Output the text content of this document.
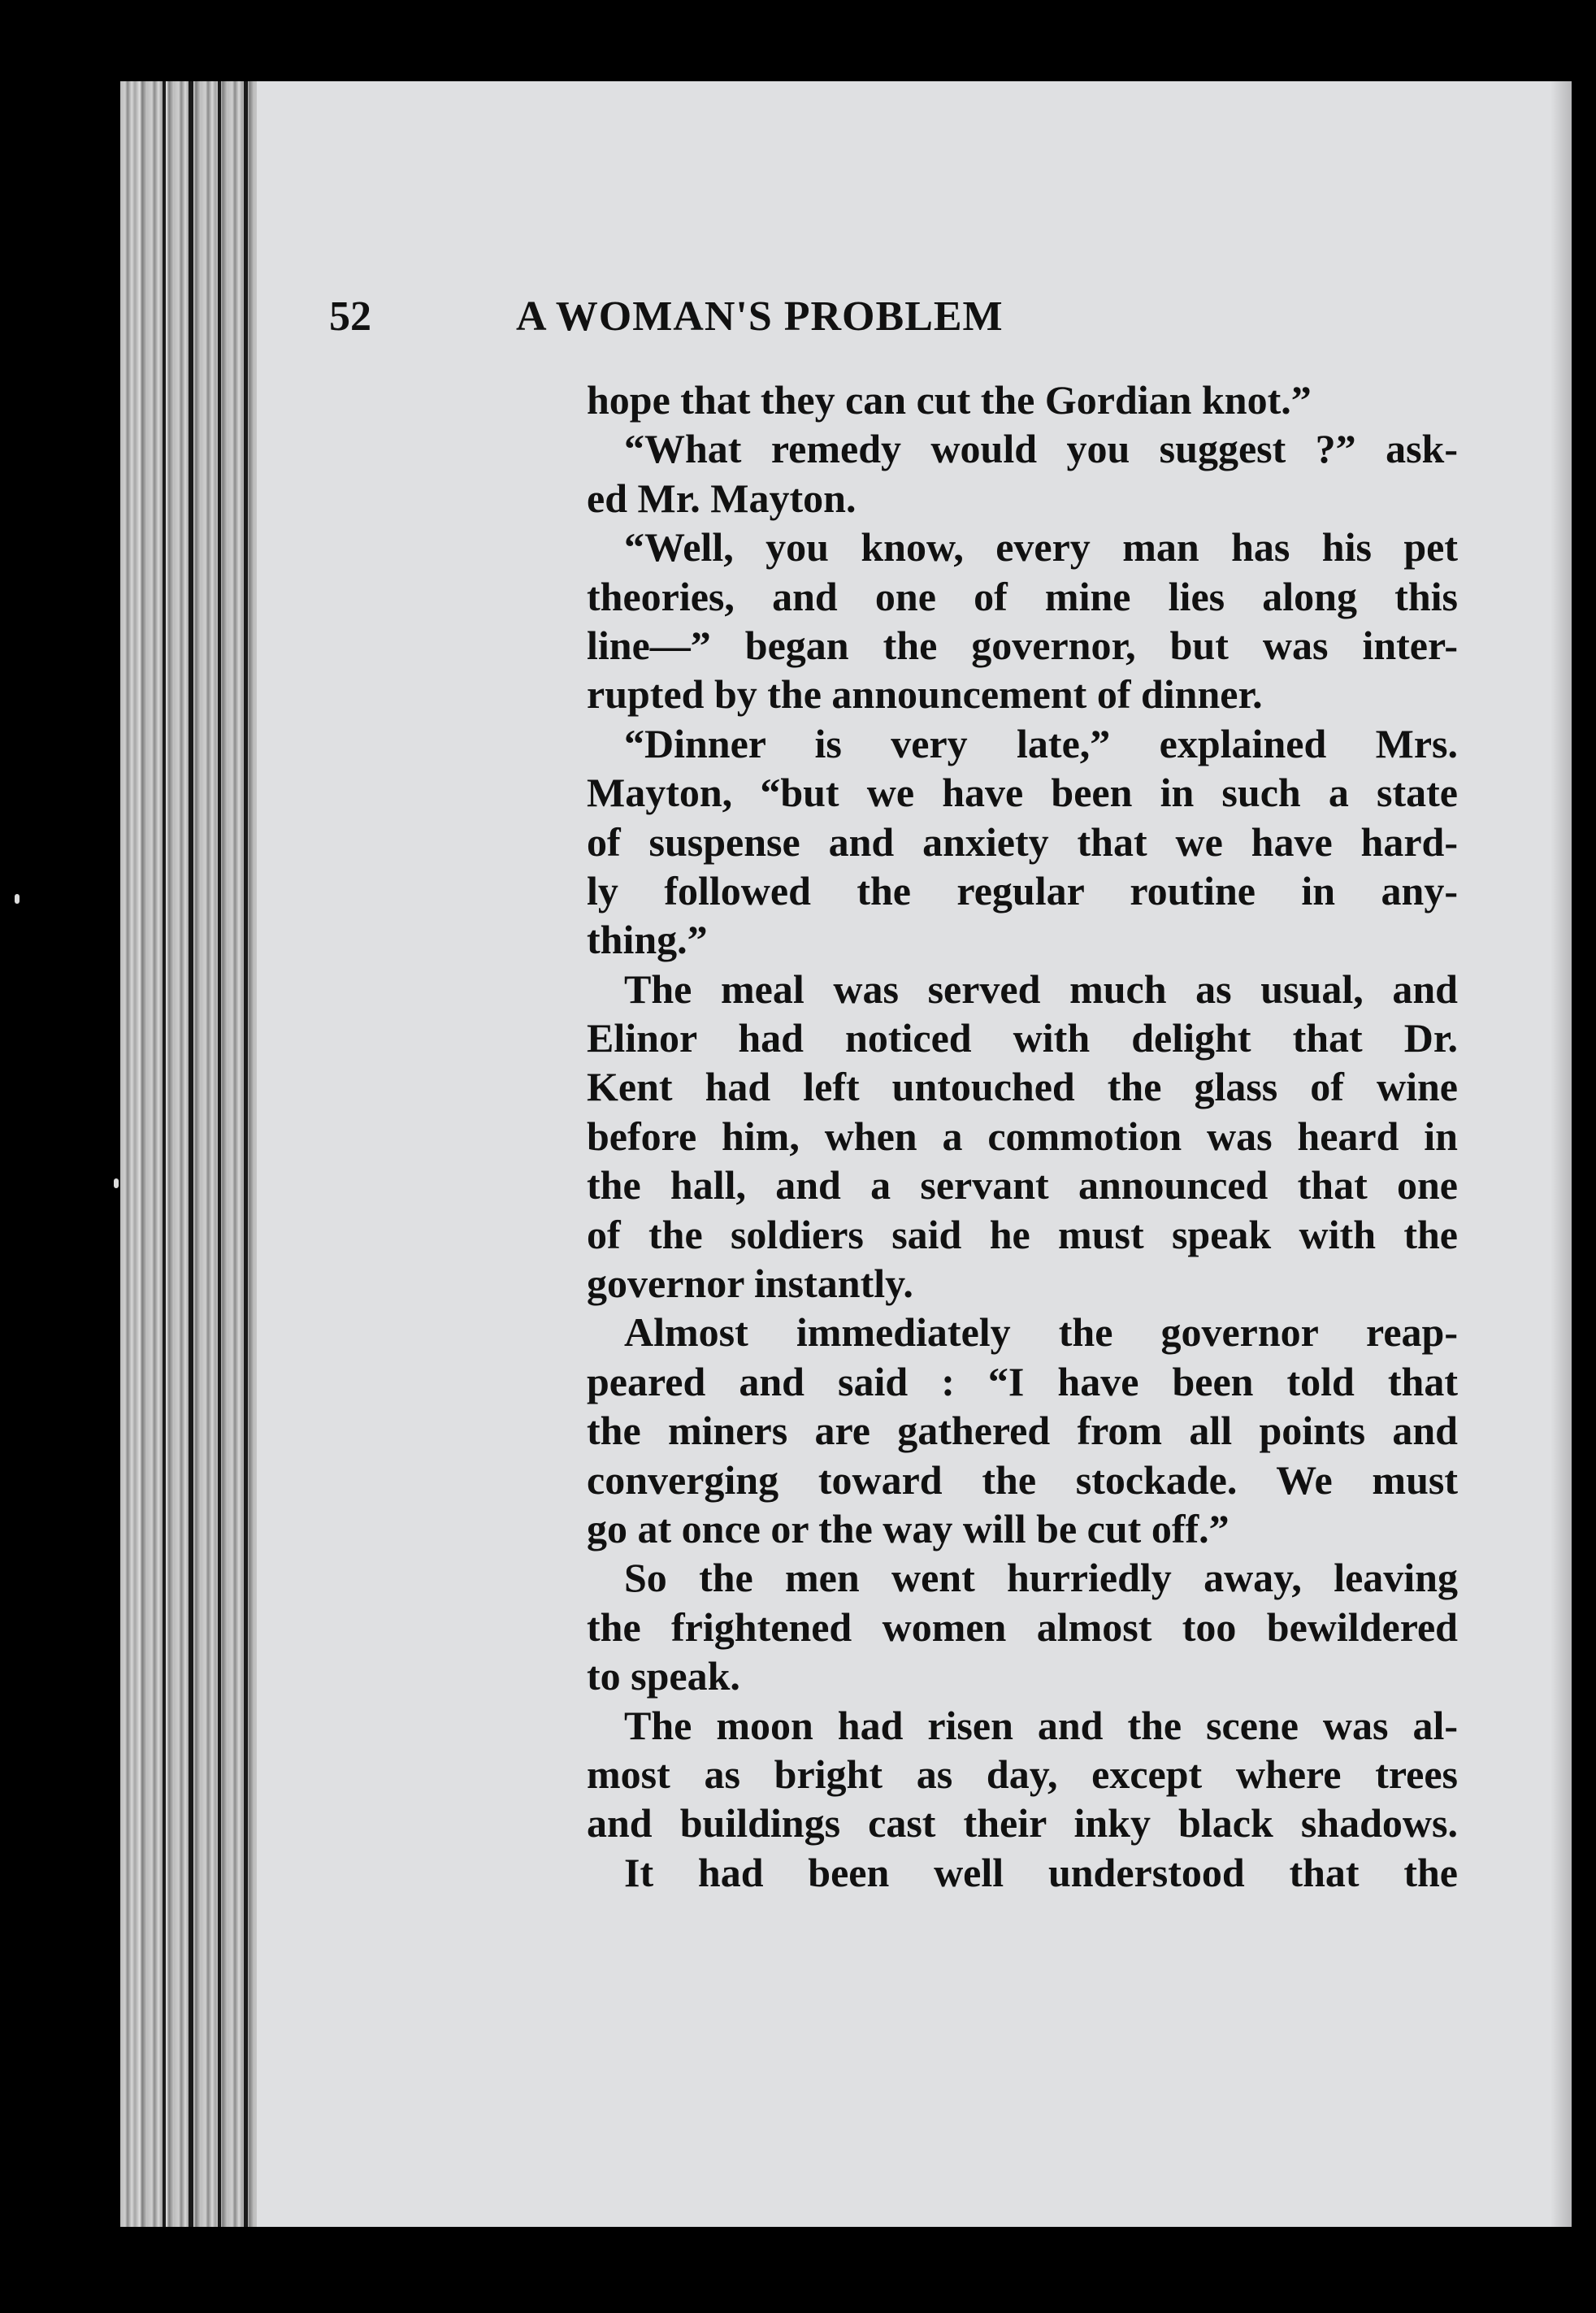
52	A WOMAN'S PROBLEM
hope that they can cut the Gordian knot.”
“What remedy would you suggest ?” ask-
ed Mr. Mayton.
“Well, you know, every man has his pet
theories, and one of mine lies along this
line—” began the governor, but was inter-
rupted by the announcement of dinner.
“Dinner is very late,” explained Mrs.
Mayton, “but we have been in such a state
of suspense and anxiety that we have hard-
ly followed the regular routine in any-
thing.”
The meal was served much as usual, and
Elinor had noticed with delight that Dr.
Kent had left untouched the glass of wine
before him, when a commotion was heard in
the hall, and a servant announced that one
of the soldiers said he must speak with the
governor instantly.
Almost immediately the governor reap-
peared and said : “I have been told that
the miners are gathered from all points and
converging toward the stockade. We must
go at once or the way will be cut off.”
So the men went hurriedly away, leaving
the frightened women almost too bewildered
to speak.
The moon had risen and the scene was al-
most as bright as day, except where trees
and buildings cast their inky black shadows.
It had been well understood that the
